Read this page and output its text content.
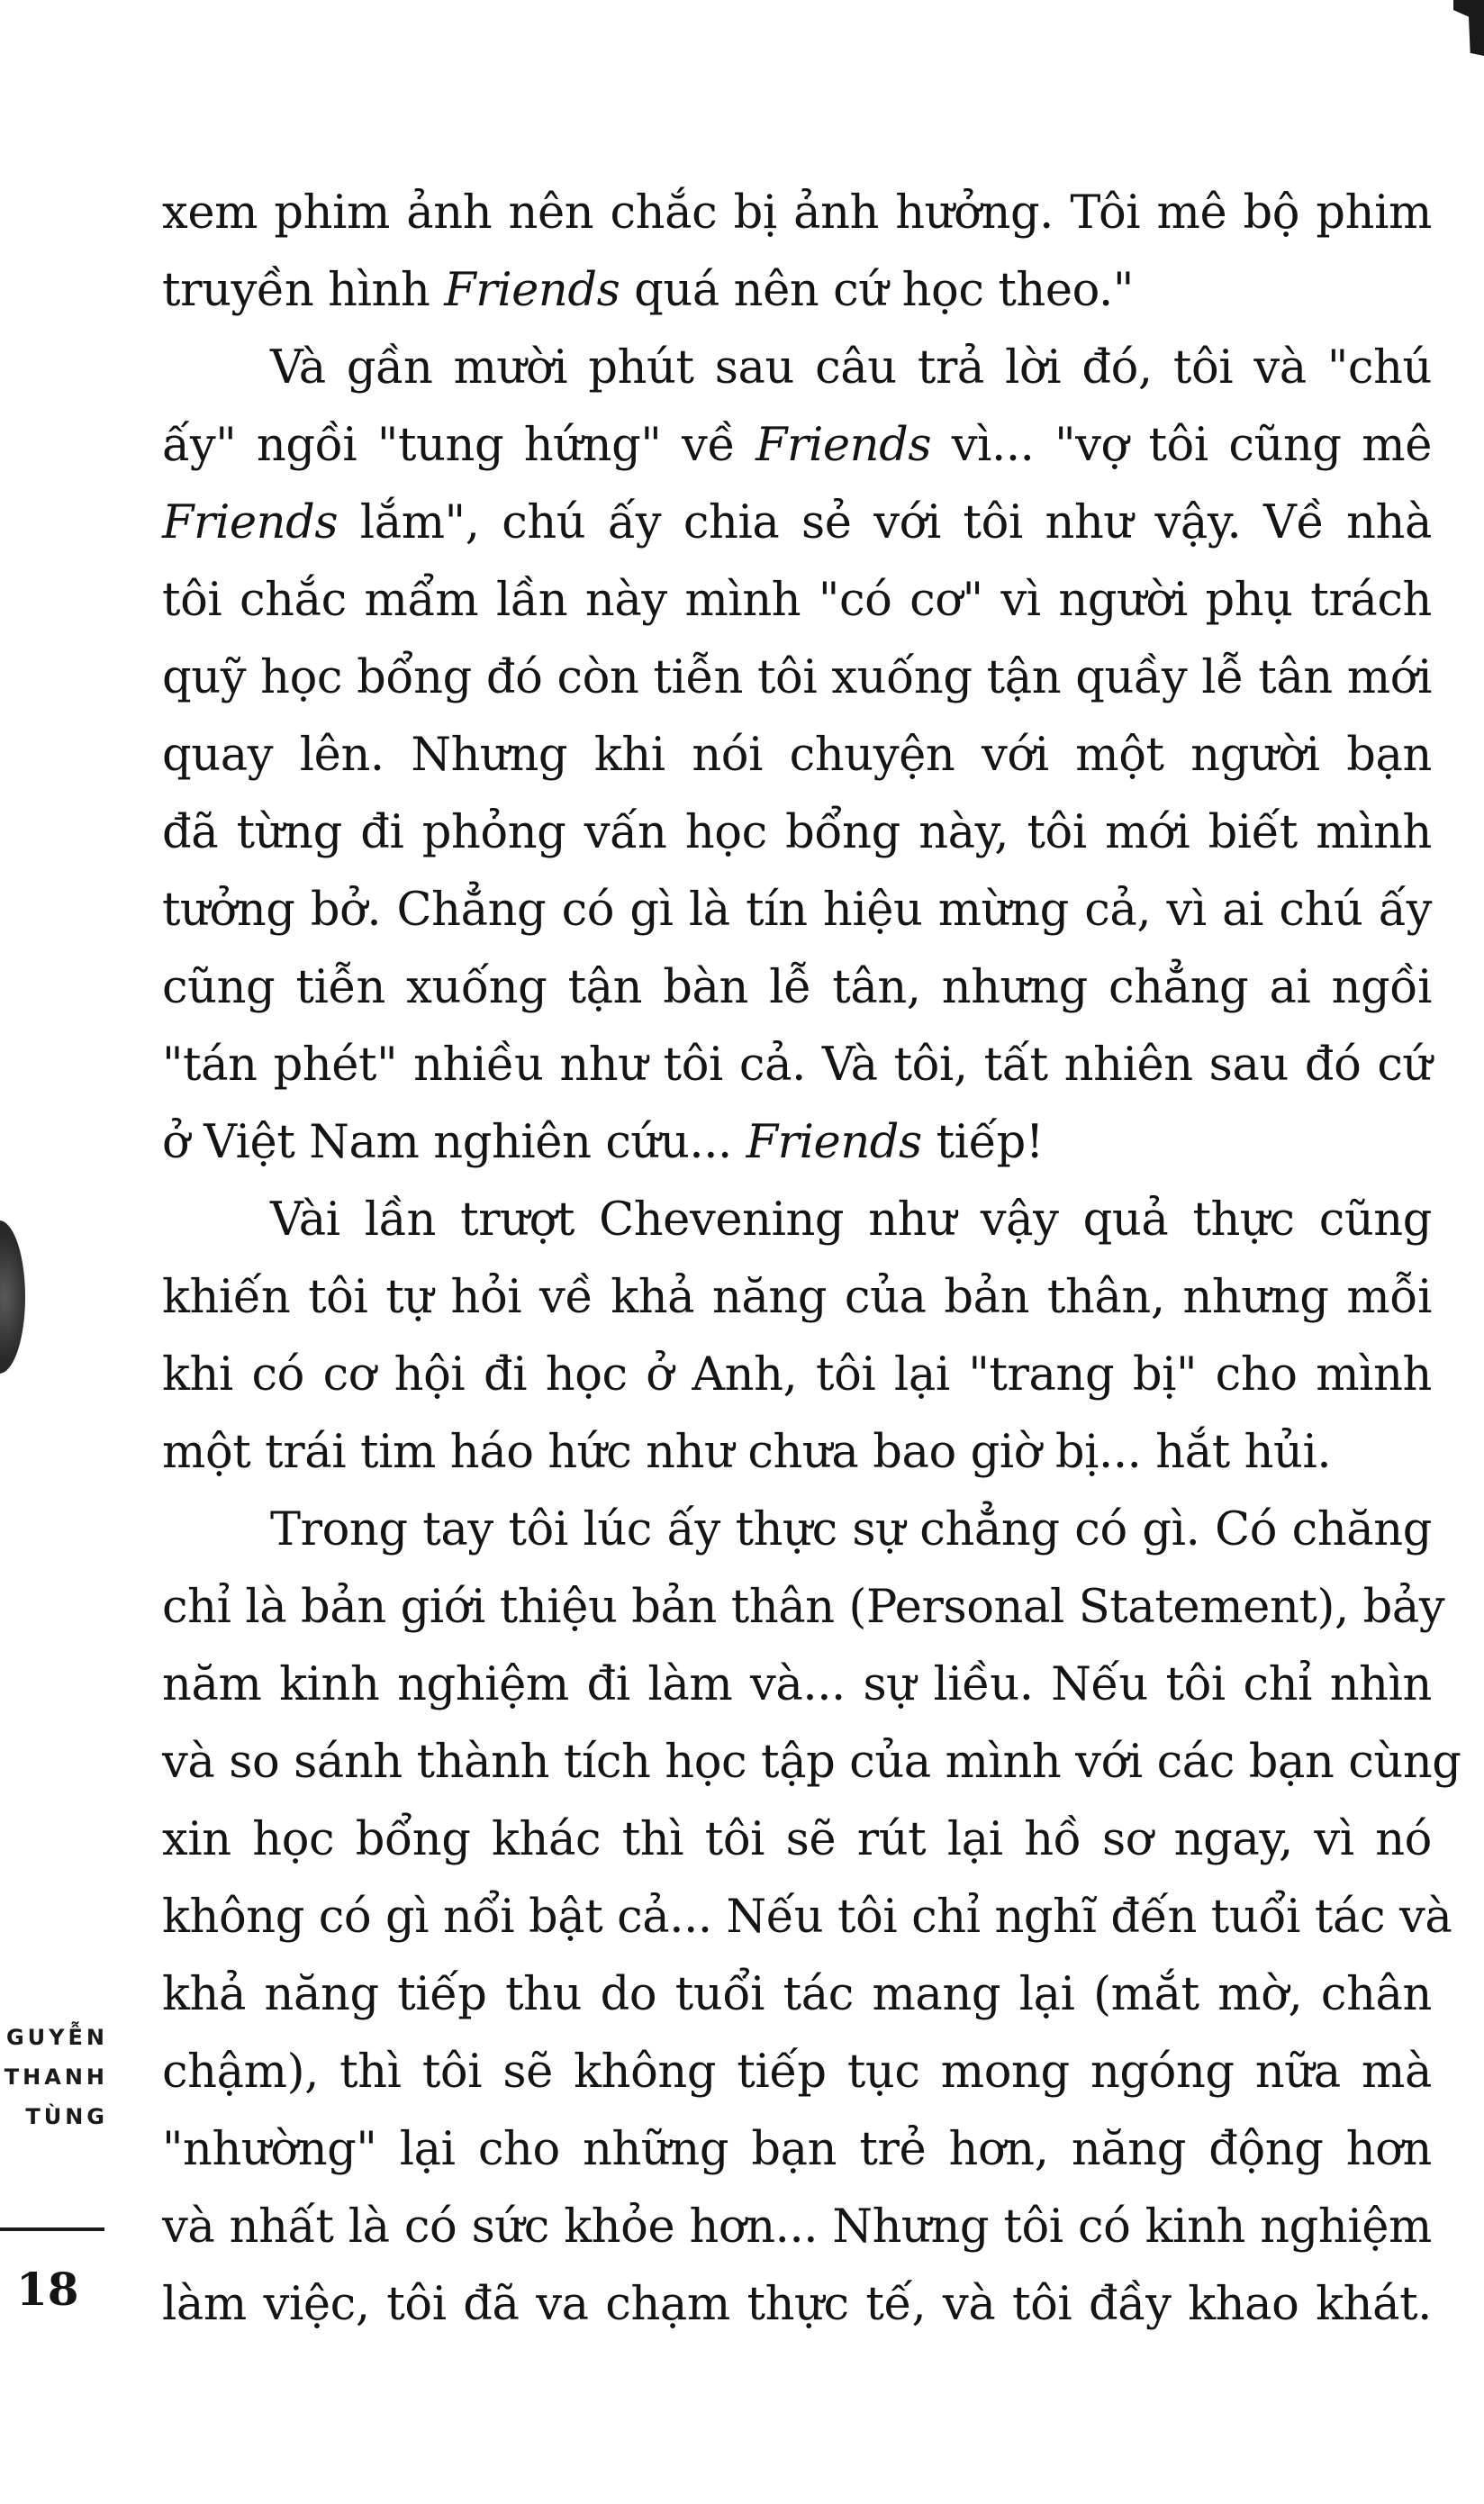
xem phim ảnh nên chắc bị ảnh hưởng. Tôi mê bộ phim
truyền hình Friends quá nên cứ học theo."
Và gần mười phút sau câu trả lời đó, tôi và "chú
ấy" ngồi "tung hứng" về Friends vì... "vợ tôi cũng mê
Friends lắm", chú ấy chia sẻ với tôi như vậy. Về nhà
tôi chắc mẩm lần này mình "có cơ" vì người phụ trách
quỹ học bổng đó còn tiễn tôi xuống tận quầy lễ tân mới
quay lên. Nhưng khi nói chuyện với một người bạn
đã từng đi phỏng vấn học bổng này, tôi mới biết mình
tưởng bở. Chẳng có gì là tín hiệu mừng cả, vì ai chú ấy
cũng tiễn xuống tận bàn lễ tân, nhưng chẳng ai ngồi
"tán phét" nhiều như tôi cả. Và tôi, tất nhiên sau đó cứ
ở Việt Nam nghiên cứu... Friends tiếp!
Vài lần trượt Chevening như vậy quả thực cũng
khiến tôi tự hỏi về khả năng của bản thân, nhưng mỗi
khi có cơ hội đi học ở Anh, tôi lại "trang bị" cho mình
một trái tim háo hức như chưa bao giờ bị... hắt hủi.
Trong tay tôi lúc ấy thực sự chẳng có gì. Có chăng
chỉ là bản giới thiệu bản thân (Personal Statement), bảy
năm kinh nghiệm đi làm và... sự liều. Nếu tôi chỉ nhìn
và so sánh thành tích học tập của mình với các bạn cùng
xin học bổng khác thì tôi sẽ rút lại hồ sơ ngay, vì nó
không có gì nổi bật cả... Nếu tôi chỉ nghĩ đến tuổi tác và
khả năng tiếp thu do tuổi tác mang lại (mắt mờ, chân
chậm), thì tôi sẽ không tiếp tục mong ngóng nữa mà
"nhường" lại cho những bạn trẻ hơn, năng động hơn
và nhất là có sức khỏe hơn... Nhưng tôi có kinh nghiệm
làm việc, tôi đã va chạm thực tế, và tôi đầy khao khát.
GUYỄN
THANH
TÙNG
18
